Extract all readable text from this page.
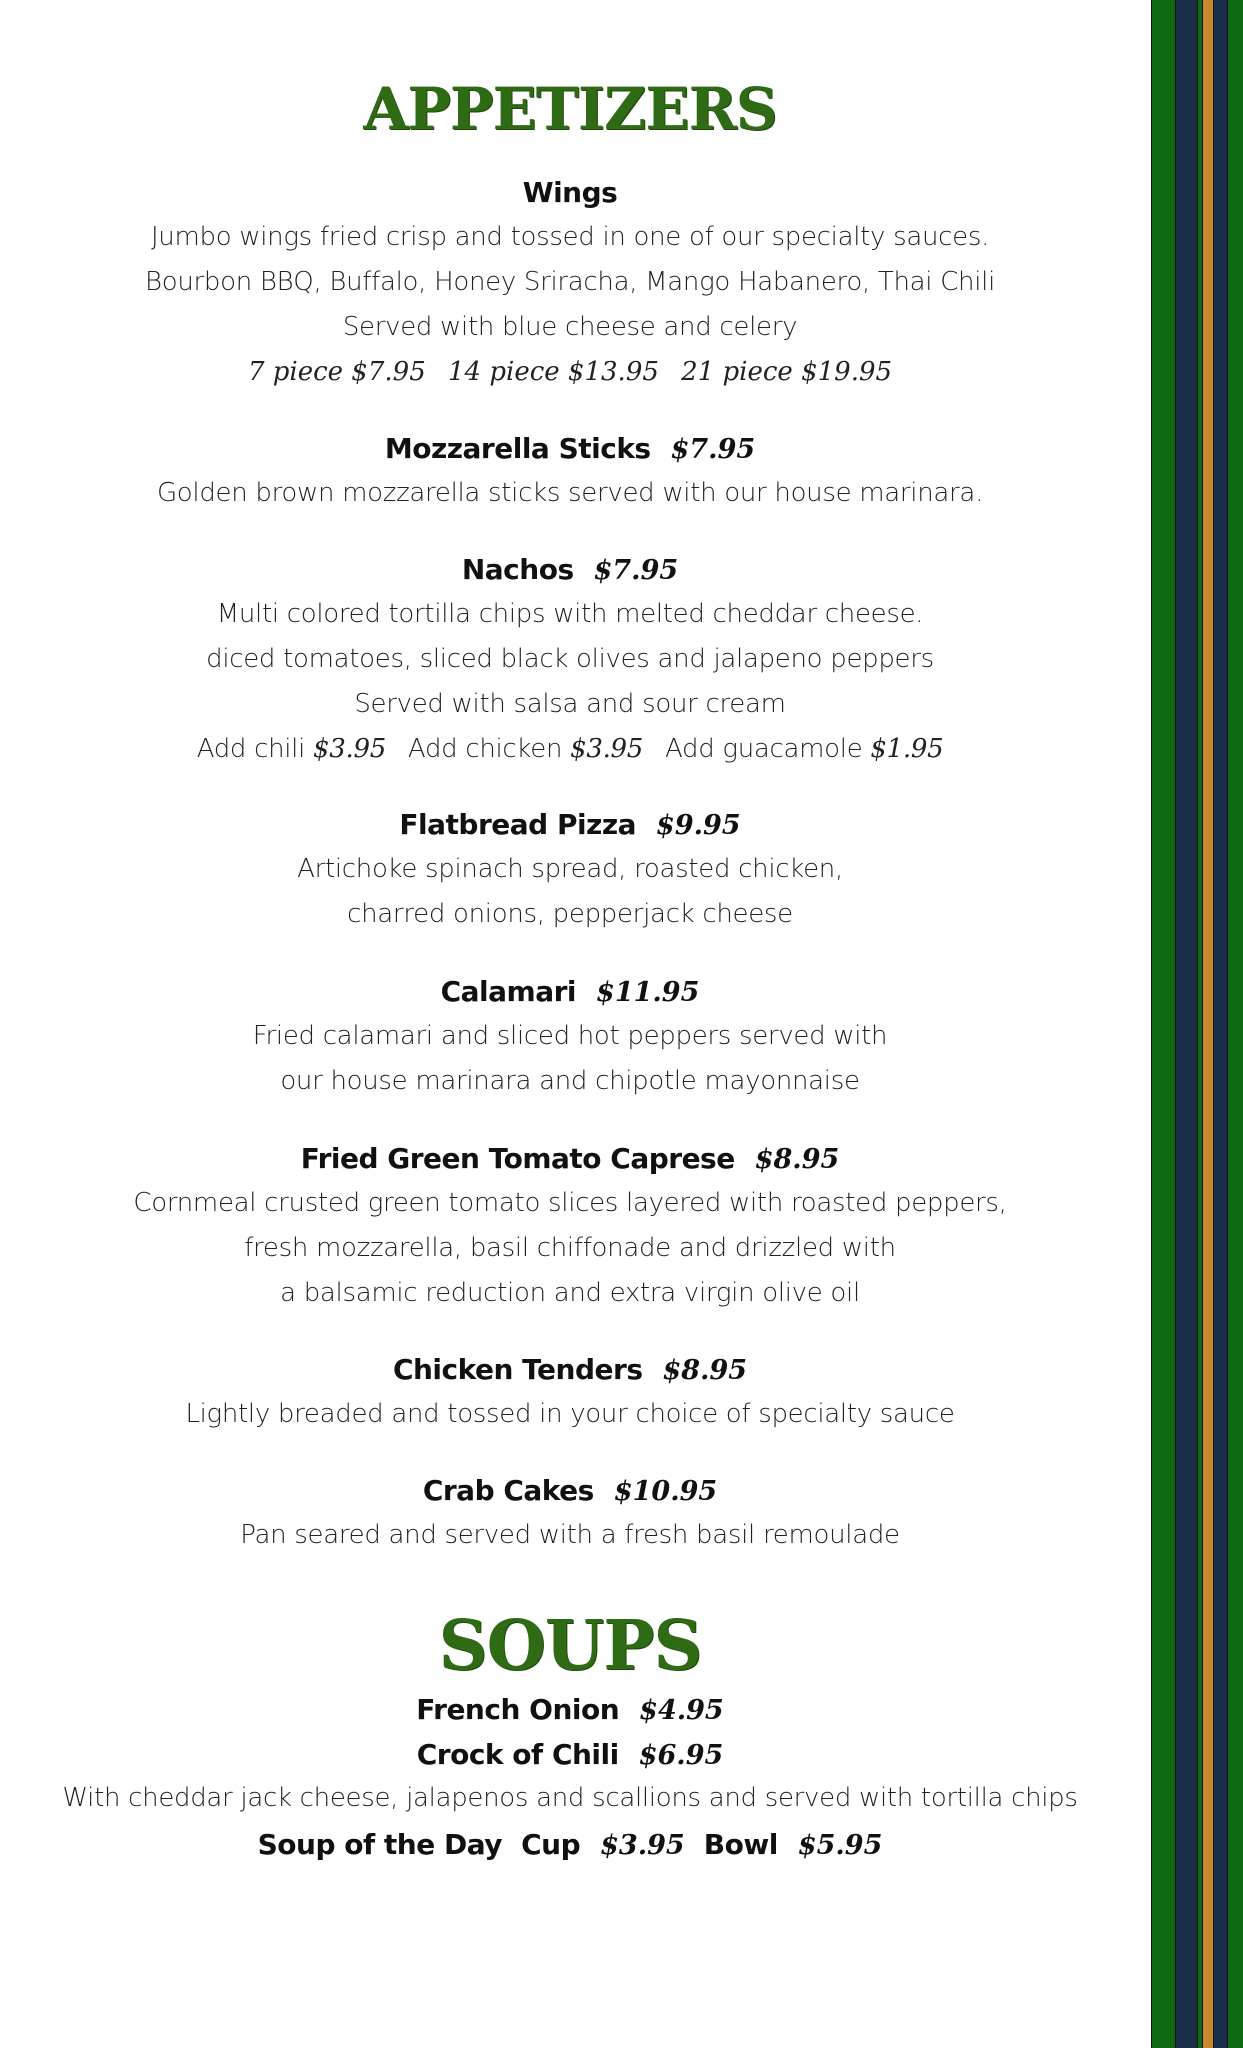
APPETIZERS
Wings
Jumbo wings fried crisp and tossed in one of our specialty sauces.
Bourbon BBQ, Buffalo, Honey Sriracha, Mango Habanero, Thai Chili
Served with blue cheese and celery
7 piece $7.95 14 piece $13.95 21 piece $19.95
Mozzarella Sticks $7.95
Golden brown mozzarella sticks served with our house marinara.
Nachos $7.95
Multi colored tortilla chips with melted cheddar cheese.
diced tomatoes, sliced black olives and jalapeno peppers
Served with salsa and sour cream
Add chili $3.95 Add chicken $3.95 Add guacamole $1.95
Flatbread Pizza $9.95
Artichoke spinach spread, roasted chicken,
charred onions, pepperjack cheese
Calamari $11.95
Fried calamari and sliced hot peppers served with
our house marinara and chipotle mayonnaise
Fried Green Tomato Caprese $8.95
Cornmeal crusted green tomato slices layered with roasted peppers,
fresh mozzarella, basil chiffonade and drizzled with
a balsamic reduction and extra virgin olive oil
Chicken Tenders $8.95
Lightly breaded and tossed in your choice of specialty sauce
Crab Cakes $10.95
Pan seared and served with a fresh basil remoulade
SOUPS
French Onion $4.95
Crock of Chili $6.95
With cheddar jack cheese, jalapenos and scallions and served with tortilla chips
Soup of the Day Cup $3.95 Bowl $5.95
